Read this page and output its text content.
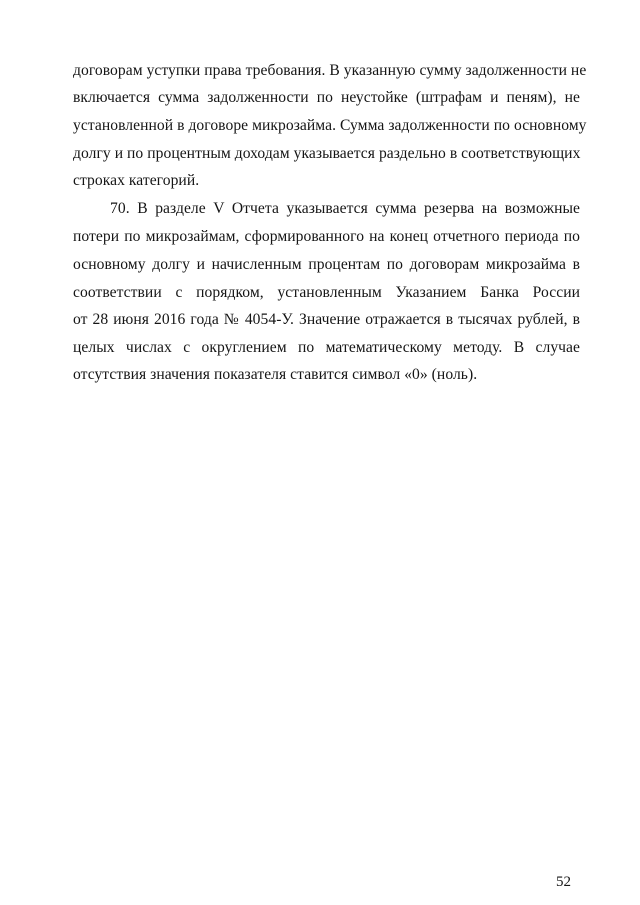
договорам уступки права требования. В указанную сумму задолженности не

включается сумма задолженности по неустойке (штрафам и пеням), не

установленной в договоре микрозайма. Сумма задолженности по основному

долгу и по процентным доходам указывается раздельно в соответствующих

строках категорий.

70. В разделе V Отчета указывается сумма резерва на возможные

потери по микрозаймам, сформированного на конец отчетного периода по

основному долгу и начисленным процентам по договорам микрозайма в

соответствии с порядком, установленным Указанием Банка России

от 28 июня 2016 года № 4054-У. Значение отражается в тысячах рублей, в

целых числах с округлением по математическому методу. В случае

отсутствия значения показателя ставится символ «0» (ноль).

52
